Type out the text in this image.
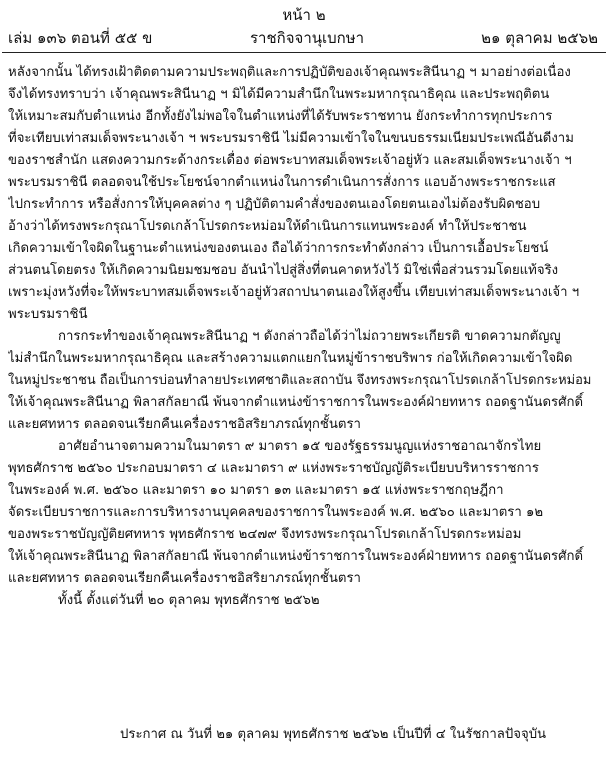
หน้า ๒
เล่ม ๑๓๖ ตอนที่ ๕๕ ข	ราชกิจจานุเบกษา	๒๑ ตุลาคม ๒๕๖๒
หลังจากนั้น ได้ทรงเฝ้าติดตามความประพฤติและการปฏิบัติของเจ้าคุณพระสินีนาฏ ฯ มาอย่างต่อเนื่อง
จึงได้ทรงทราบว่า เจ้าคุณพระสินีนาฏ ฯ มิได้มีความสำนึกในพระมหากรุณาธิคุณ และประพฤติตน
ให้เหมาะสมกับตำแหน่ง อีกทั้งยังไม่พอใจในตำแหน่งที่ได้รับพระราชทาน ยังกระทำการทุกประการ
ที่จะเทียบเท่าสมเด็จพระนางเจ้า ฯ พระบรมราชินี ไม่มีความเข้าใจในขนบธรรมเนียมประเพณีอันดีงาม
ของราชสำนัก แสดงความกระด้างกระเดื่อง ต่อพระบาทสมเด็จพระเจ้าอยู่หัว และสมเด็จพระนางเจ้า ฯ
พระบรมราชินี ตลอดจนใช้ประโยชน์จากตำแหน่งในการดำเนินการสั่งการ แอบอ้างพระราชกระแส
ไปกระทำการ หรือสั่งการให้บุคคลต่าง ๆ ปฏิบัติตามคำสั่งของตนเองโดยตนเองไม่ต้องรับผิดชอบ
อ้างว่าได้ทรงพระกรุณาโปรดเกล้าโปรดกระหม่อมให้ดำเนินการแทนพระองค์ ทำให้ประชาชน
เกิดความเข้าใจผิดในฐานะตำแหน่งของตนเอง ถือได้ว่าการกระทำดังกล่าว เป็นการเอื้อประโยชน์
ส่วนตนโดยตรง ให้เกิดความนิยมชมชอบ อันนำไปสู่สิ่งที่ตนคาดหวังไว้ มิใช่เพื่อส่วนรวมโดยแท้จริง
เพราะมุ่งหวังที่จะให้พระบาทสมเด็จพระเจ้าอยู่หัวสถาปนาตนเองให้สูงขึ้น เทียบเท่าสมเด็จพระนางเจ้า ฯ
พระบรมราชินี
การกระทำของเจ้าคุณพระสินีนาฏ ฯ ดังกล่าวถือได้ว่าไม่ถวายพระเกียรติ ขาดความกตัญญู
ไม่สำนึกในพระมหากรุณาธิคุณ และสร้างความแตกแยกในหมู่ข้าราชบริพาร ก่อให้เกิดความเข้าใจผิด
ในหมู่ประชาชน ถือเป็นการบ่อนทำลายประเทศชาติและสถาบัน จึงทรงพระกรุณาโปรดเกล้าโปรดกระหม่อม
ให้เจ้าคุณพระสินีนาฏ พิลาสกัลยาณี พ้นจากตำแหน่งข้าราชการในพระองค์ฝ่ายทหาร ถอดฐานันดรศักดิ์
และยศทหาร ตลอดจนเรียกคืนเครื่องราชอิสริยาภรณ์ทุกชั้นตรา
อาศัยอำนาจตามความในมาตรา ๙ มาตรา ๑๕ ของรัฐธรรมนูญแห่งราชอาณาจักรไทย
พุทธศักราช ๒๕๖๐ ประกอบมาตรา ๔ และมาตรา ๙ แห่งพระราชบัญญัติระเบียบบริหารราชการ
ในพระองค์ พ.ศ. ๒๕๖๐ และมาตรา ๑๐ มาตรา ๑๓ และมาตรา ๑๕ แห่งพระราชกฤษฎีกา
จัดระเบียบราชการและการบริหารงานบุคคลของราชการในพระองค์ พ.ศ. ๒๕๖๐ และมาตรา ๑๒
ของพระราชบัญญัติยศทหาร พุทธศักราช ๒๔๗๙ จึงทรงพระกรุณาโปรดเกล้าโปรดกระหม่อม
ให้เจ้าคุณพระสินีนาฏ พิลาสกัลยาณี พ้นจากตำแหน่งข้าราชการในพระองค์ฝ่ายทหาร ถอดฐานันดรศักดิ์
และยศทหาร ตลอดจนเรียกคืนเครื่องราชอิสริยาภรณ์ทุกชั้นตรา
ทั้งนี้ ตั้งแต่วันที่ ๒๐ ตุลาคม พุทธศักราช ๒๕๖๒
ประกาศ ณ วันที่ ๒๑ ตุลาคม พุทธศักราช ๒๕๖๒ เป็นปีที่ ๔ ในรัชกาลปัจจุบัน
